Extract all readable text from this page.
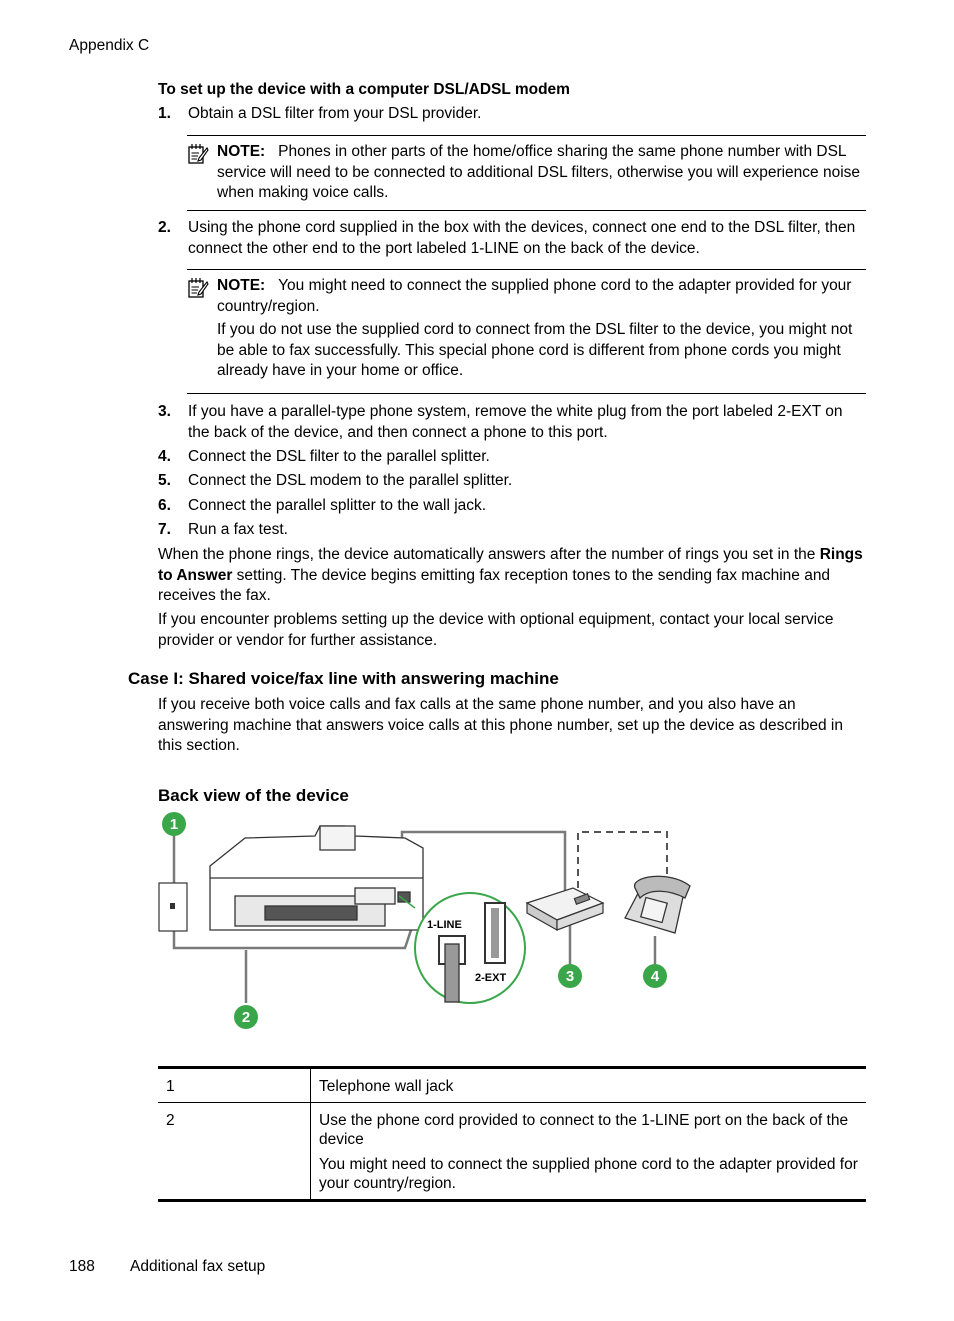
Appendix C
To set up the device with a computer DSL/ADSL modem
1. Obtain a DSL filter from your DSL provider.

NOTE: Phones in other parts of the home/office sharing the same phone number with DSL service will need to be connected to additional DSL filters, otherwise you will experience noise when making voice calls.

2. Using the phone cord supplied in the box with the devices, connect one end to the DSL filter, then connect the other end to the port labeled 1-LINE on the back of the device.

NOTE: You might need to connect the supplied phone cord to the adapter provided for your country/region.

If you do not use the supplied cord to connect from the DSL filter to the device, you might not be able to fax successfully. This special phone cord is different from phone cords you might already have in your home or office.

3. If you have a parallel-type phone system, remove the white plug from the port labeled 2-EXT on the back of the device, and then connect a phone to this port.
4. Connect the DSL filter to the parallel splitter.
5. Connect the DSL modem to the parallel splitter.
6. Connect the parallel splitter to the wall jack.
7. Run a fax test.
When the phone rings, the device automatically answers after the number of rings you set in the Rings to Answer setting. The device begins emitting fax reception tones to the sending fax machine and receives the fax.
If you encounter problems setting up the device with optional equipment, contact your local service provider or vendor for further assistance.
Case I: Shared voice/fax line with answering machine
If you receive both voice calls and fax calls at the same phone number, and you also have an answering machine that answers voice calls at this phone number, set up the device as described in this section.
Back view of the device
1-LINE
2-EXT
1
2
3	4
1	Telephone wall jack

2	Use the phone cord provided to connect to the 1-LINE port on the back of the device

You might need to connect the supplied phone cord to the adapter provided for your country/region.

188 Additional fax setup
